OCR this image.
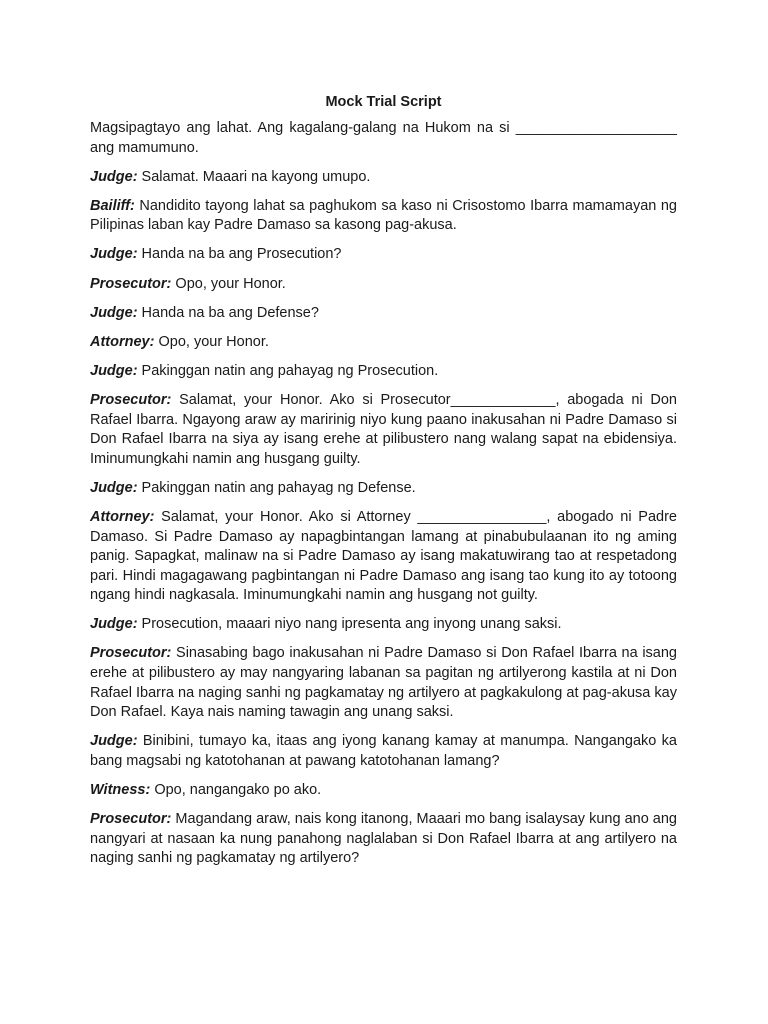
Mock Trial Script
Magsipagtayo ang lahat. Ang kagalang-galang na Hukom na si ____________________ ang mamumuno.
Judge: Salamat. Maaari na kayong umupo.
Bailiff: Nandidito tayong lahat sa paghukom sa kaso ni Crisostomo Ibarra mamamayan ng Pilipinas laban kay Padre Damaso sa kasong pag-akusa.
Judge: Handa na ba ang Prosecution?
Prosecutor: Opo, your Honor.
Judge: Handa na ba ang Defense?
Attorney: Opo, your Honor.
Judge: Pakinggan natin ang pahayag ng Prosecution.
Prosecutor: Salamat, your Honor. Ako si Prosecutor_____________, abogada ni Don Rafael Ibarra. Ngayong araw ay maririnig niyo kung paano inakusahan ni Padre Damaso si Don Rafael Ibarra na siya ay isang erehe at pilibustero nang walang sapat na ebidensiya. Iminumungkahi namin ang husgang guilty.
Judge: Pakinggan natin ang pahayag ng Defense.
Attorney: Salamat, your Honor. Ako si Attorney ________________, abogado ni Padre Damaso. Si Padre Damaso ay napagbintangan lamang at pinabubulaanan ito ng aming panig. Sapagkat, malinaw na si Padre Damaso ay isang makatuwirang tao at respetadong pari. Hindi magagawang pagbintangan ni Padre Damaso ang isang tao kung ito ay totoong ngang hindi nagkasala. Iminumungkahi namin ang husgang not guilty.
Judge: Prosecution, maaari niyo nang ipresenta ang inyong unang saksi.
Prosecutor: Sinasabing bago inakusahan ni Padre Damaso si Don Rafael Ibarra na isang erehe at pilibustero ay may nangyaring labanan sa pagitan ng artilyerong kastila at ni Don Rafael Ibarra na naging sanhi ng pagkamatay ng artilyero at pagkakulong at pag-akusa kay Don Rafael. Kaya nais naming tawagin ang unang saksi.
Judge: Binibini, tumayo ka, itaas ang iyong kanang kamay at manumpa. Nangangako ka bang magsabi ng katotohanan at pawang katotohanan lamang?
Witness: Opo, nangangako po ako.
Prosecutor: Magandang araw, nais kong itanong, Maaari mo bang isalaysay kung ano ang nangyari at nasaan ka nung panahong naglalaban si Don Rafael Ibarra at ang artilyero na naging sanhi ng pagkamatay ng artilyero?
